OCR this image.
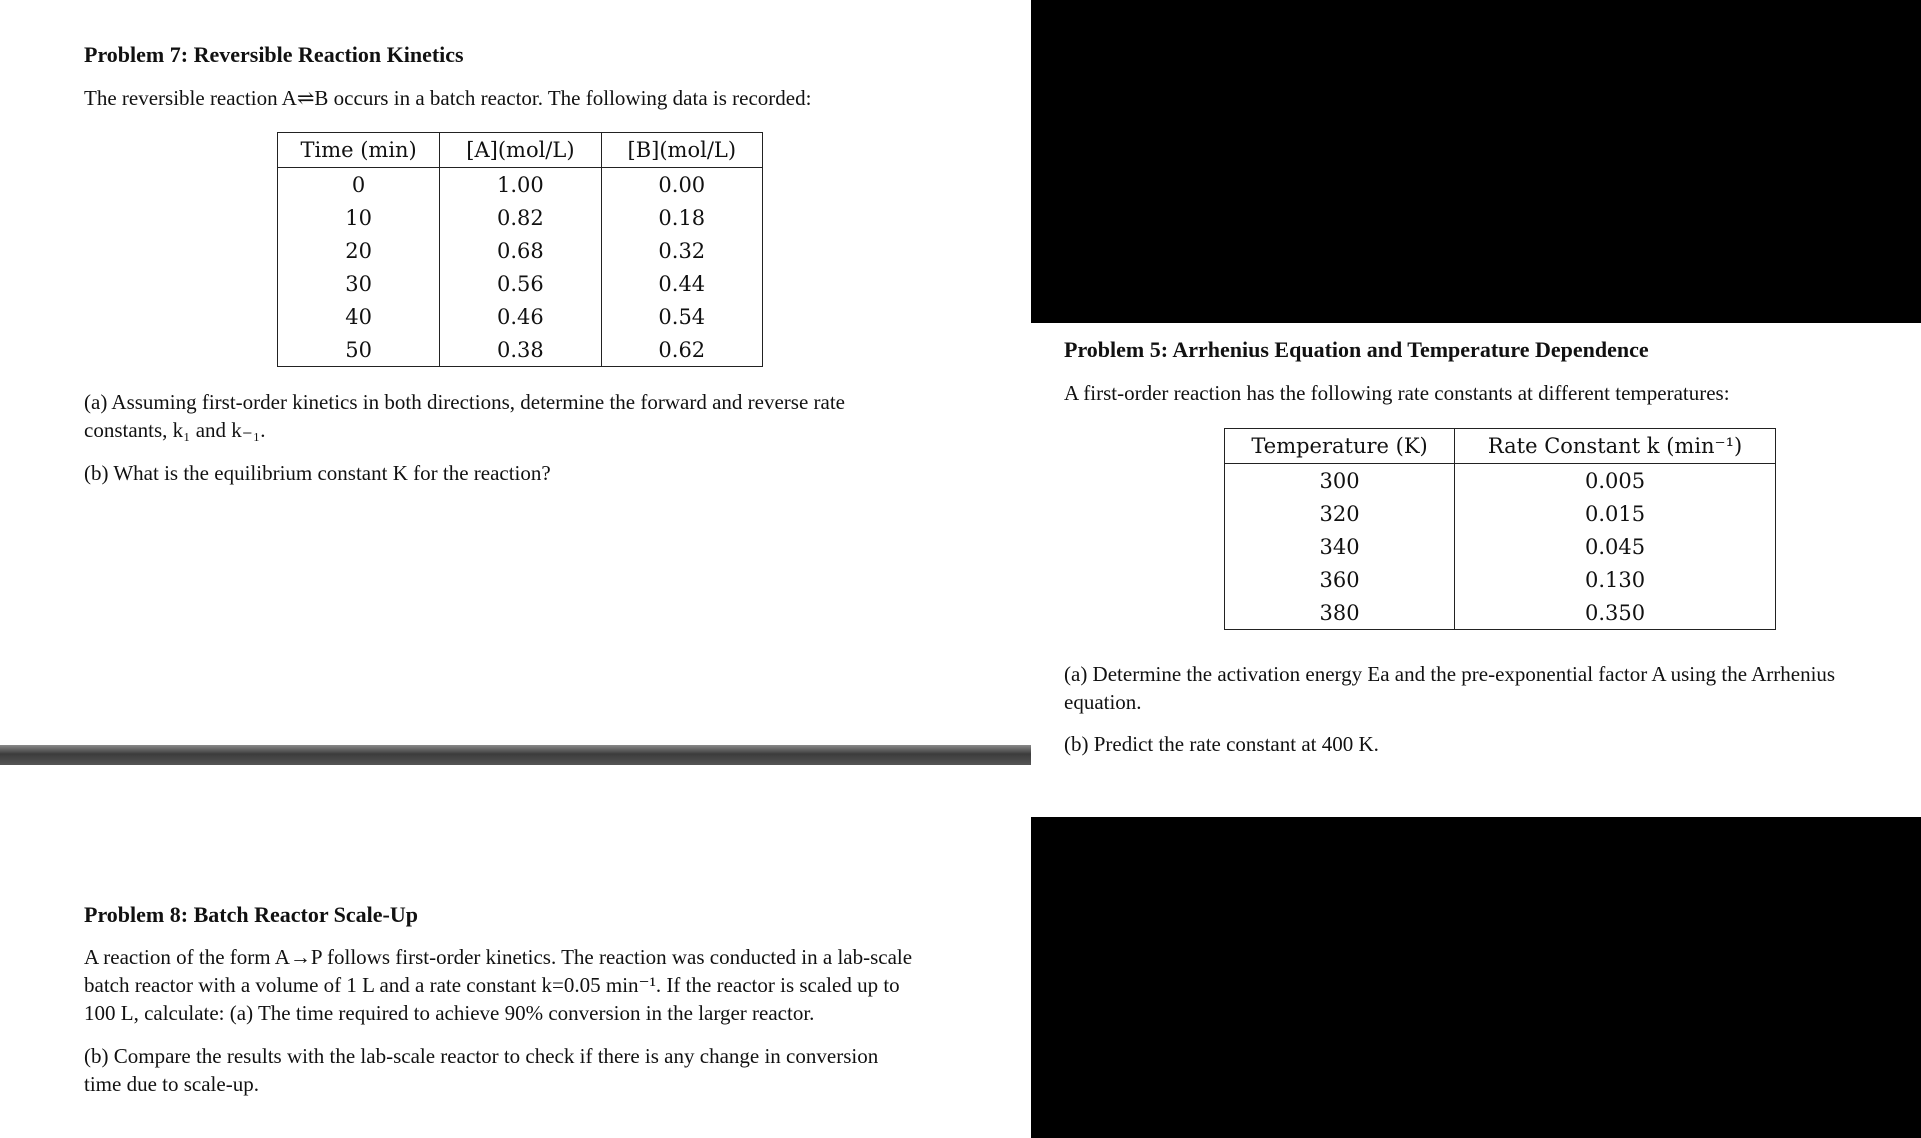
Problem 7: Reversible Reaction Kinetics
The reversible reaction A⇌B occurs in a batch reactor. The following data is recorded:
Time (min)	[A](mol/L)	[B](mol/L)
0	1.00	0.00
10	0.82	0.18
20	0.68	0.32
30	0.56	0.44
40	0.46	0.54
50	0.38	0.62
(a) Assuming first-order kinetics in both directions, determine the forward and reverse rate
constants, k₁ and k₋₁.
(b) What is the equilibrium constant K for the reaction?
Problem 5: Arrhenius Equation and Temperature Dependence
A first-order reaction has the following rate constants at different temperatures:
Temperature (K)	Rate Constant k (min⁻¹)
300	0.005
320	0.015
340	0.045
360	0.130
380	0.350
(a) Determine the activation energy Ea and the pre-exponential factor A using the Arrhenius
equation.
(b) Predict the rate constant at 400 K.
Problem 8: Batch Reactor Scale-Up
A reaction of the form A→P follows first-order kinetics. The reaction was conducted in a lab-scale
batch reactor with a volume of 1 L and a rate constant k=0.05 min⁻¹. If the reactor is scaled up to
100 L, calculate: (a) The time required to achieve 90% conversion in the larger reactor.
(b) Compare the results with the lab-scale reactor to check if there is any change in conversion
time due to scale-up.
